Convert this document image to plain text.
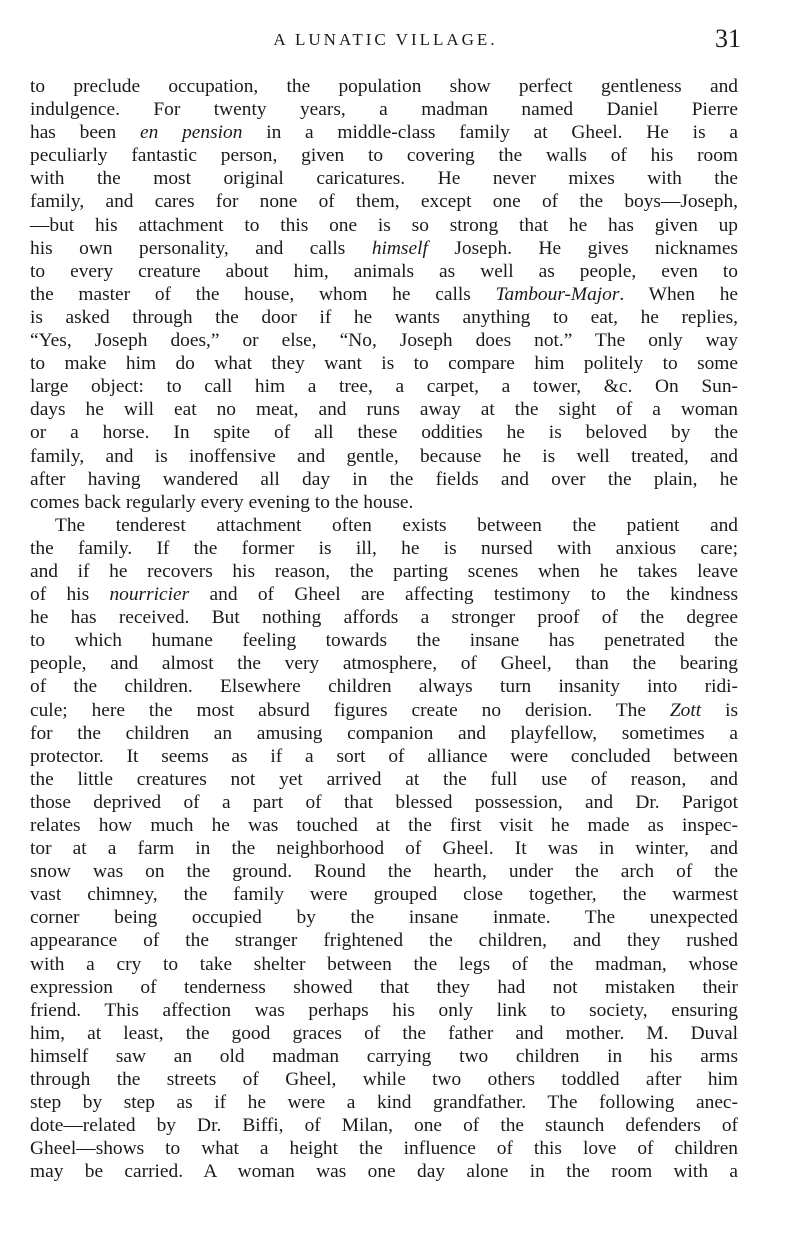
A LUNATIC VILLAGE.	31
to preclude occupation, the population show perfect gentleness and
indulgence. For twenty years, a madman named Daniel Pierre
has been en pension in a middle-class family at Gheel. He is a
peculiarly fantastic person, given to covering the walls of his room
with the most original caricatures. He never mixes with the
family, and cares for none of them, except one of the boys—Joseph,
—but his attachment to this one is so strong that he has given up
his own personality, and calls himself Joseph. He gives nicknames
to every creature about him, animals as well as people, even to
the master of the house, whom he calls Tambour-Major. When he
is asked through the door if he wants anything to eat, he replies,
“Yes, Joseph does,” or else, “No, Joseph does not.” The only way
to make him do what they want is to compare him politely to some
large object: to call him a tree, a carpet, a tower, &c. On Sun-
days he will eat no meat, and runs away at the sight of a woman
or a horse. In spite of all these oddities he is beloved by the
family, and is inoffensive and gentle, because he is well treated, and
after having wandered all day in the fields and over the plain, he
comes back regularly every evening to the house.
The tenderest attachment often exists between the patient and
the family. If the former is ill, he is nursed with anxious care;
and if he recovers his reason, the parting scenes when he takes leave
of his nourricier and of Gheel are affecting testimony to the kindness
he has received. But nothing affords a stronger proof of the degree
to which humane feeling towards the insane has penetrated the
people, and almost the very atmosphere, of Gheel, than the bearing
of the children. Elsewhere children always turn insanity into ridi-
cule; here the most absurd figures create no derision. The Zott is
for the children an amusing companion and playfellow, sometimes a
protector. It seems as if a sort of alliance were concluded between
the little creatures not yet arrived at the full use of reason, and
those deprived of a part of that blessed possession, and Dr. Parigot
relates how much he was touched at the first visit he made as inspec-
tor at a farm in the neighborhood of Gheel. It was in winter, and
snow was on the ground. Round the hearth, under the arch of the
vast chimney, the family were grouped close together, the warmest
corner being occupied by the insane inmate. The unexpected
appearance of the stranger frightened the children, and they rushed
with a cry to take shelter between the legs of the madman, whose
expression of tenderness showed that they had not mistaken their
friend. This affection was perhaps his only link to society, ensuring
him, at least, the good graces of the father and mother. M. Duval
himself saw an old madman carrying two children in his arms
through the streets of Gheel, while two others toddled after him
step by step as if he were a kind grandfather. The following anec-
dote—related by Dr. Biffi, of Milan, one of the staunch defenders of
Gheel—shows to what a height the influence of this love of children
may be carried. A woman was one day alone in the room with a
